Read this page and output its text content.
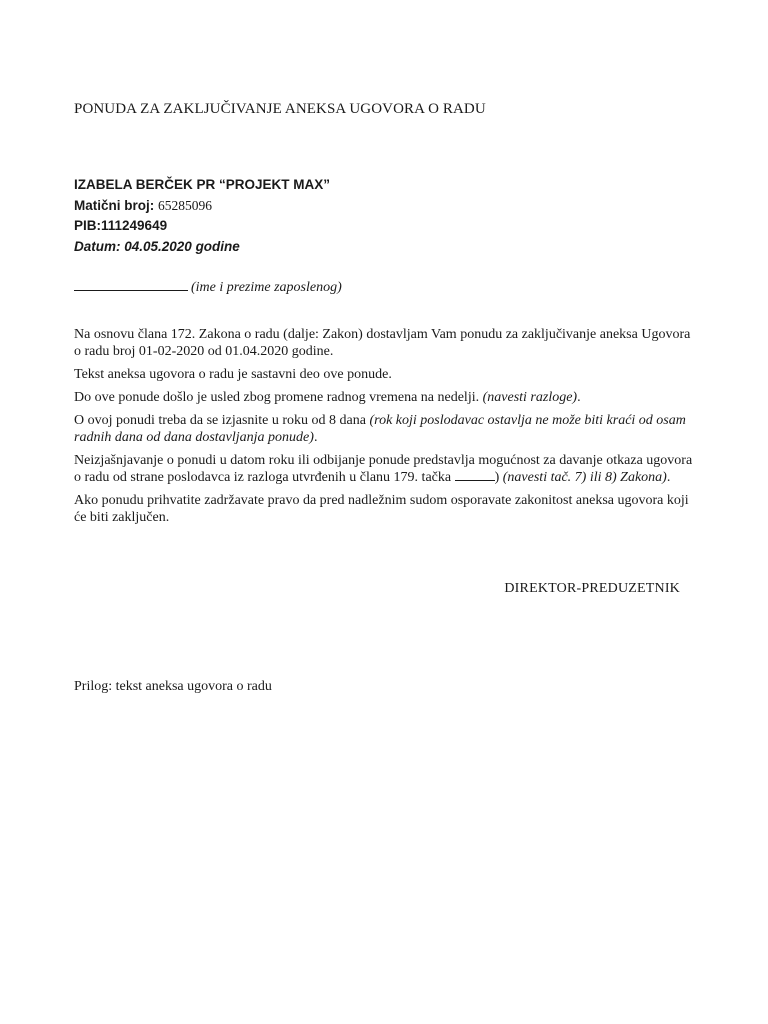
PONUDA ZA ZAKLJUČIVANJE ANEKSA UGOVORA O RADU
IZABELA BERČEK PR “PROJEKT MAX”
Matični broj: 65285096
PIB:111249649
Datum: 04.05.2020 godine
(ime i prezime zaposlenog)

Na osnovu člana 172. Zakona o radu (dalje: Zakon) dostavljam Vam ponudu za zaključivanje aneksa Ugovora o radu broj 01-02-2020 od 01.04.2020 godine.

Tekst aneksa ugovora o radu je sastavni deo ove ponude.

Do ove ponude došlo je usled zbog promene radnog vremena na nedelji. (navesti razloge).

O ovoj ponudi treba da se izjasnite u roku od 8 dana (rok koji poslodavac ostavlja ne može biti kraći od osam radnih dana od dana dostavljanja ponude).

Neizjašnjavanje o ponudi u datom roku ili odbijanje ponude predstavlja mogućnost za davanje otkaza ugovora o radu od strane poslodavca iz razloga utvrđenih u članu 179. tačka	) (navesti tač. 7) ili 8) Zakona).

Ako ponudu prihvatite zadržavate pravo da pred nadležnim sudom osporavate zakonitost aneksa ugovora koji će biti zaključen.

DIREKTOR-PREDUZETNIK
Prilog: tekst aneksa ugovora o radu
